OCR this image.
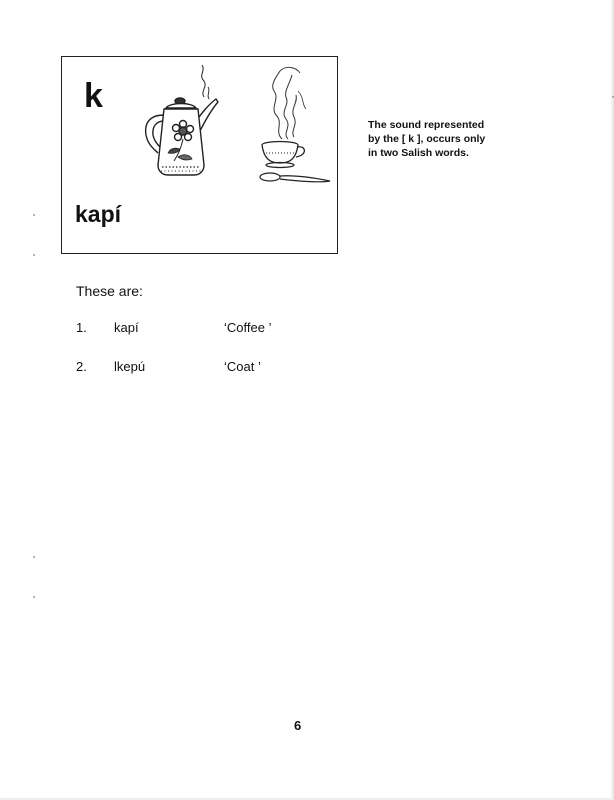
k
kapí
The sound represented
by the [ k ], occurs only
in two Salish words.
These are:
1. kapí	‘Coffee ’
2. lkepú	‘Coat ’
6
